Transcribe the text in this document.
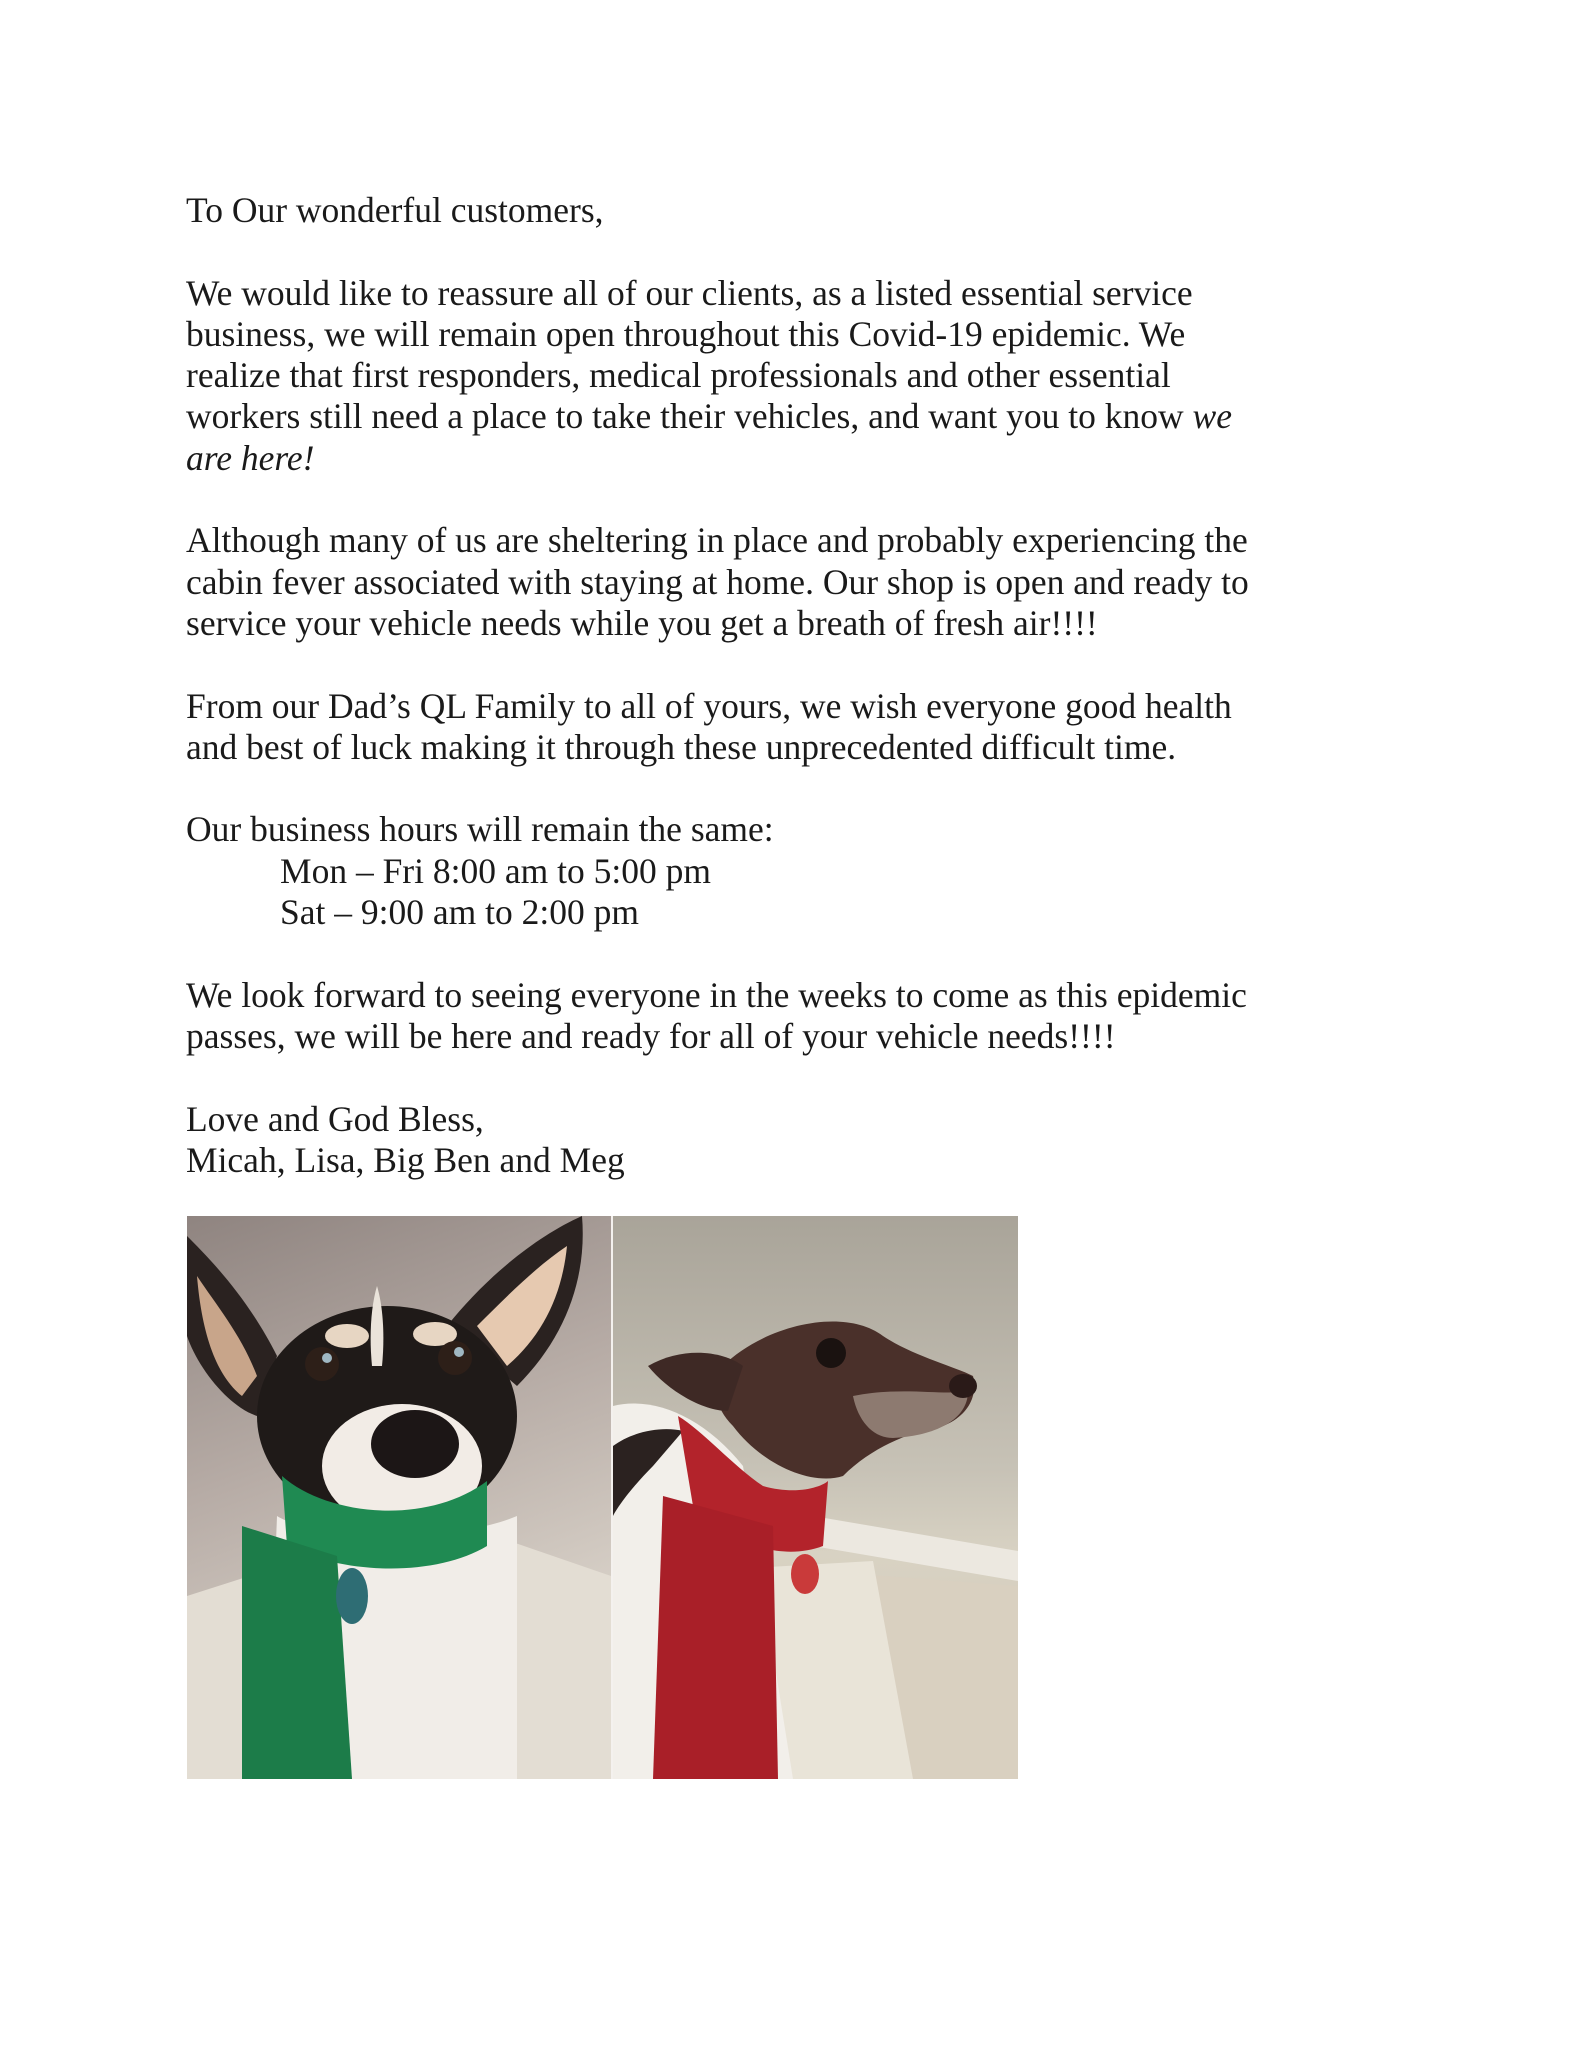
To Our wonderful customers,

We would like to reassure all of our clients, as a listed essential service
business, we will remain open throughout this Covid-19 epidemic. We
realize that first responders, medical professionals and other essential
workers still need a place to take their vehicles, and want you to know we
are here!

Although many of us are sheltering in place and probably experiencing the
cabin fever associated with staying at home. Our shop is open and ready to
service your vehicle needs while you get a breath of fresh air!!!!

From our Dad’s QL Family to all of yours, we wish everyone good health
and best of luck making it through these unprecedented difficult time.

Our business hours will remain the same:
Mon – Fri 8:00 am to 5:00 pm
Sat – 9:00 am to 2:00 pm

We look forward to seeing everyone in the weeks to come as this epidemic
passes, we will be here and ready for all of your vehicle needs!!!!

Love and God Bless,
Micah, Lisa, Big Ben and Meg
